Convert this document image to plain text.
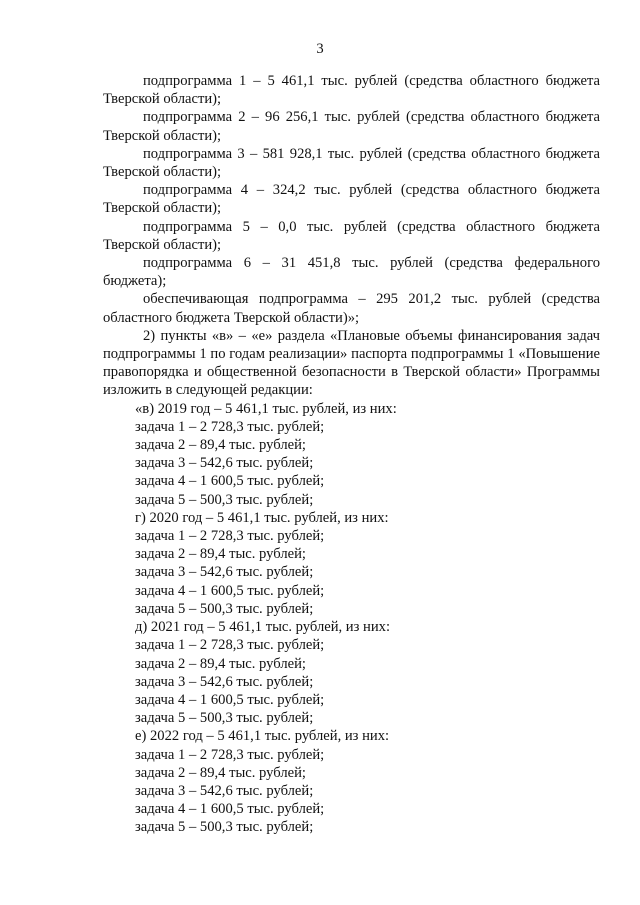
3
подпрограмма 1 – 5 461,1 тыс. рублей (средства областного бюджета Тверской области);
подпрограмма 2 – 96 256,1 тыс. рублей (средства областного бюджета Тверской области);
подпрограмма 3 – 581 928,1 тыс. рублей (средства областного бюджета Тверской области);
подпрограмма 4 – 324,2 тыс. рублей (средства областного бюджета Тверской области);
подпрограмма 5 – 0,0 тыс. рублей (средства областного бюджета Тверской области);
подпрограмма 6 – 31 451,8 тыс. рублей (средства федерального бюджета);
обеспечивающая подпрограмма – 295 201,2 тыс. рублей (средства областного бюджета Тверской области)»;
2) пункты «в» – «е» раздела «Плановые объемы финансирования задач подпрограммы 1 по годам реализации» паспорта подпрограммы 1 «Повышение правопорядка и общественной безопасности в Тверской области» Программы изложить в следующей редакции:
«в) 2019 год – 5 461,1 тыс. рублей, из них:
задача 1 – 2 728,3 тыс. рублей;
задача 2 – 89,4 тыс. рублей;
задача 3 – 542,6 тыс. рублей;
задача 4 – 1 600,5 тыс. рублей;
задача 5 – 500,3 тыс. рублей;
г) 2020 год – 5 461,1 тыс. рублей, из них:
задача 1 – 2 728,3 тыс. рублей;
задача 2 – 89,4 тыс. рублей;
задача 3 – 542,6 тыс. рублей;
задача 4 – 1 600,5 тыс. рублей;
задача 5 – 500,3 тыс. рублей;
д) 2021 год – 5 461,1 тыс. рублей, из них:
задача 1 – 2 728,3 тыс. рублей;
задача 2 – 89,4 тыс. рублей;
задача 3 – 542,6 тыс. рублей;
задача 4 – 1 600,5 тыс. рублей;
задача 5 – 500,3 тыс. рублей;
е) 2022 год – 5 461,1 тыс. рублей, из них:
задача 1 – 2 728,3 тыс. рублей;
задача 2 – 89,4 тыс. рублей;
задача 3 – 542,6 тыс. рублей;
задача 4 – 1 600,5 тыс. рублей;
задача 5 – 500,3 тыс. рублей;
